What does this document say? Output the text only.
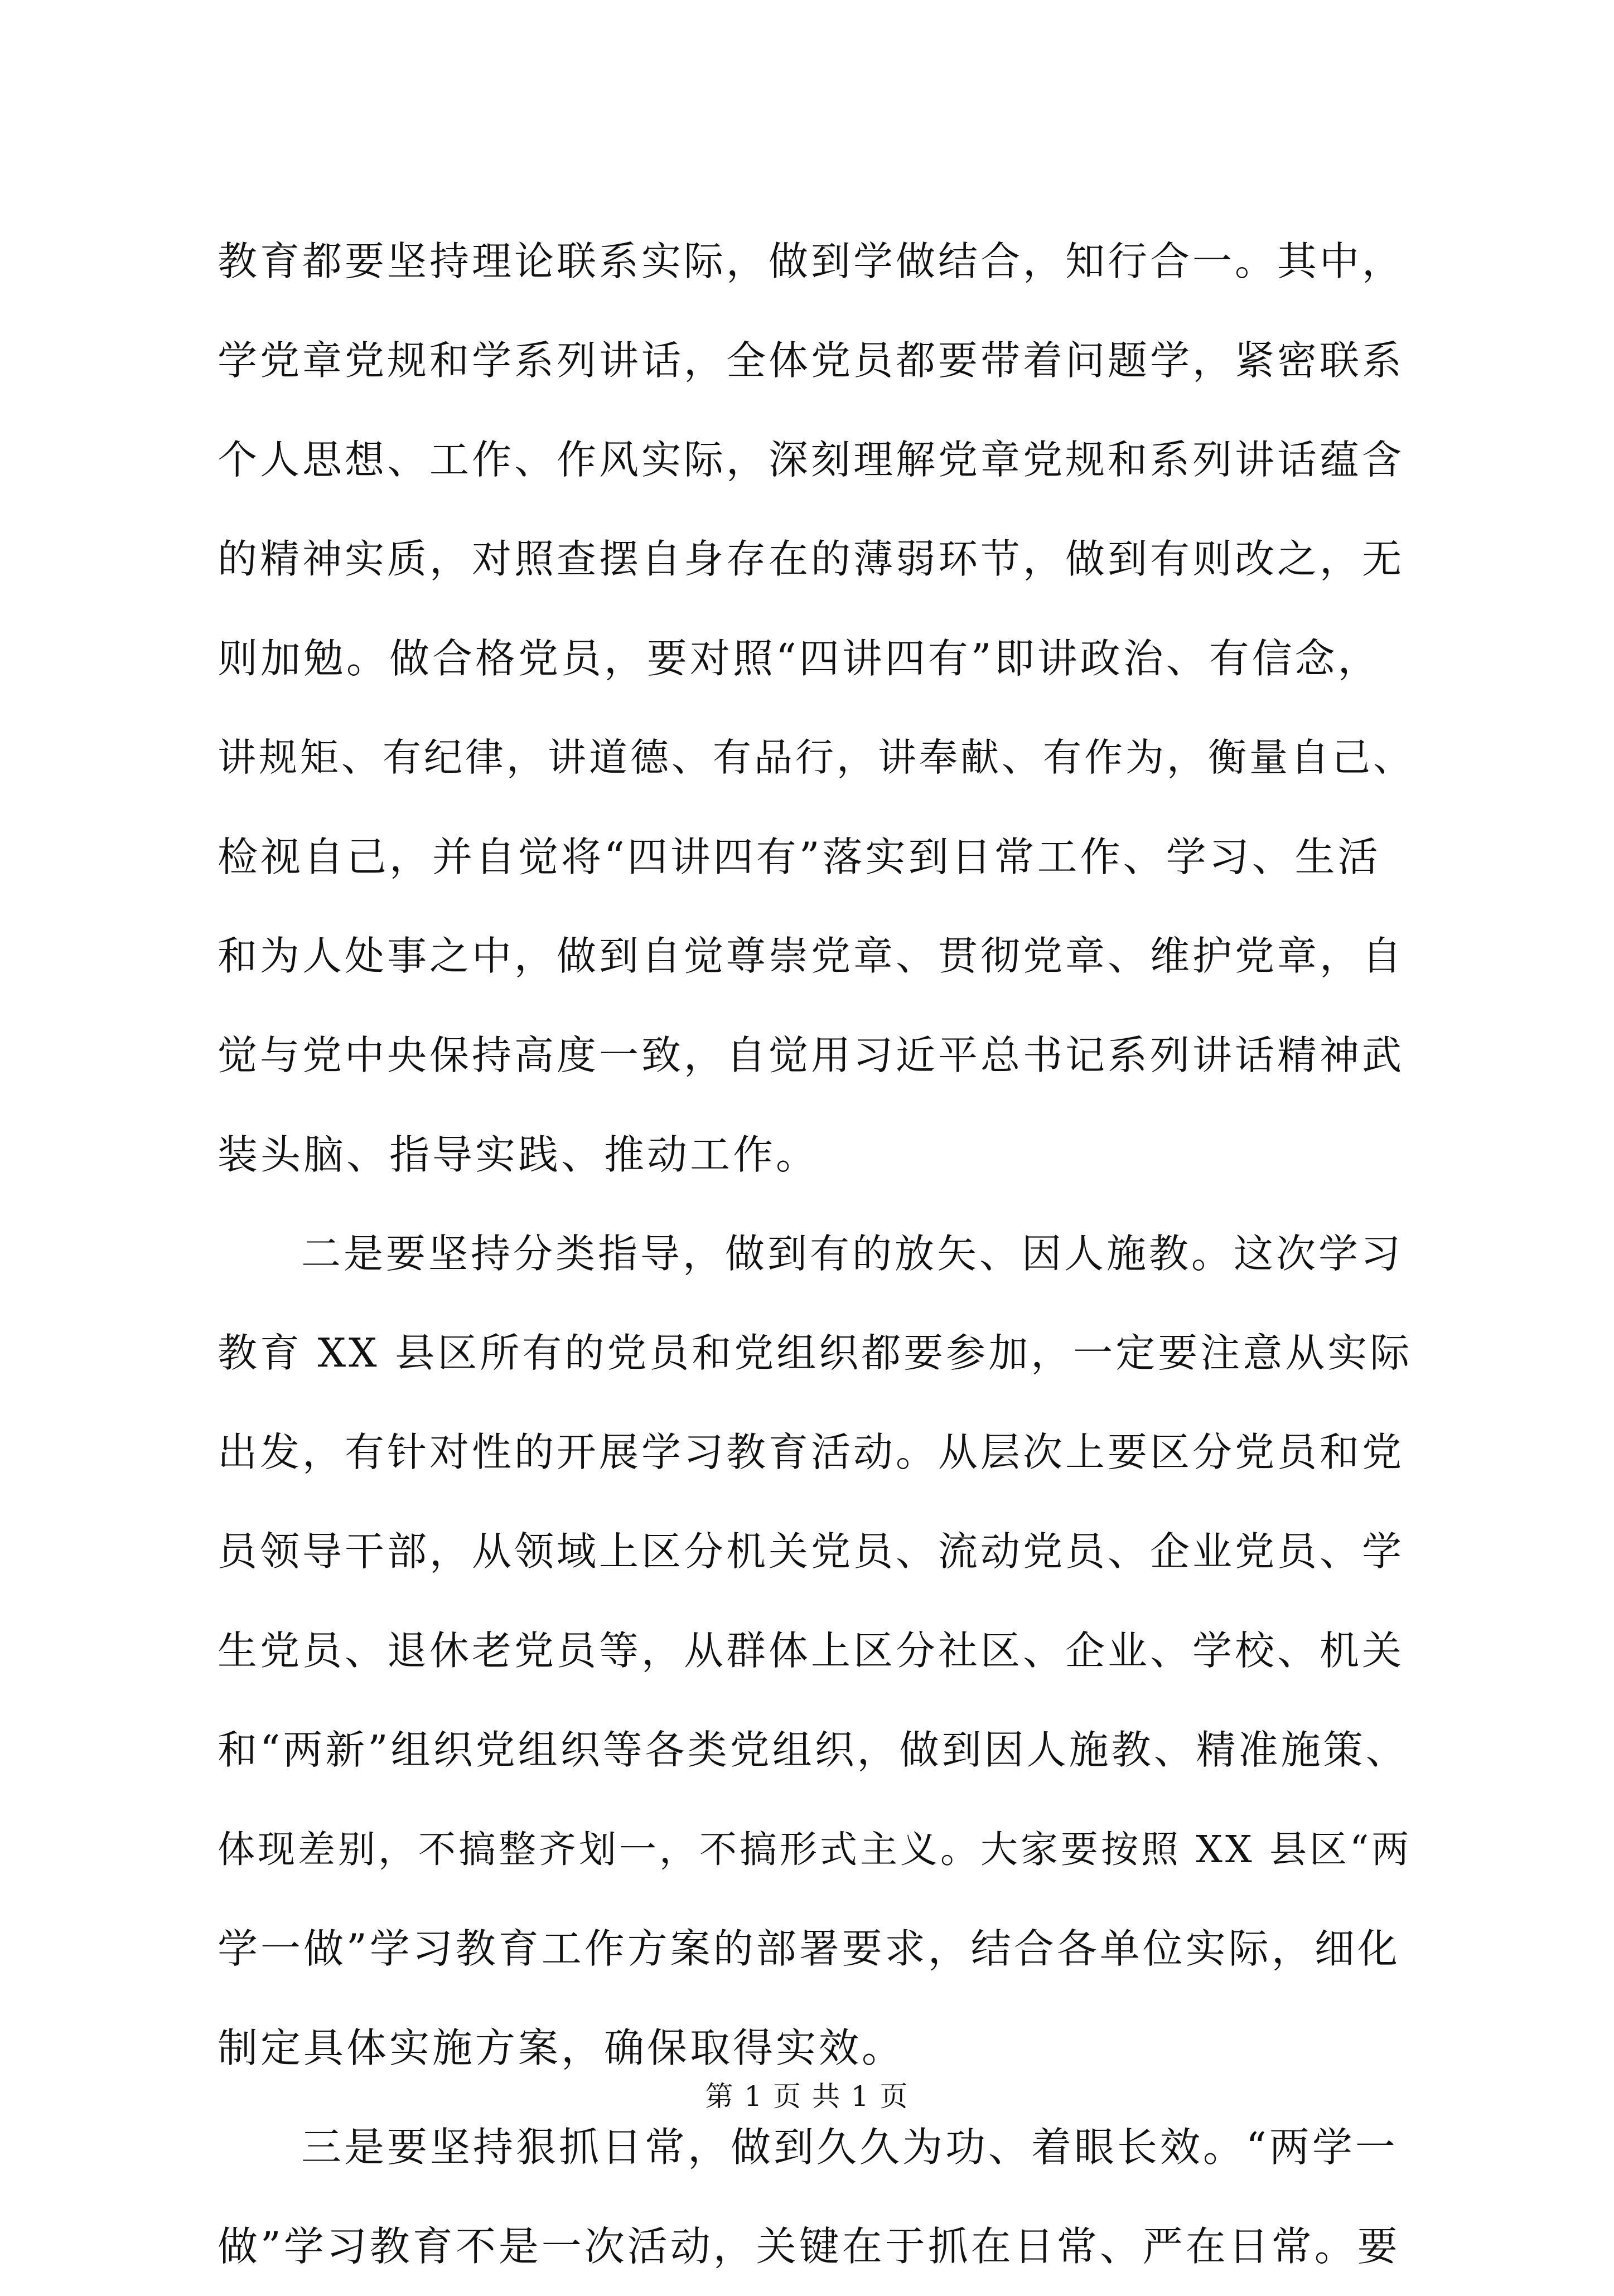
教育都要坚持理论联系实际，做到学做结合，知行合一。其中，
学党章党规和学系列讲话，全体党员都要带着问题学，紧密联系
个人思想、工作、作风实际，深刻理解党章党规和系列讲话蕴含
的精神实质，对照查摆自身存在的薄弱环节，做到有则改之，无
则加勉。做合格党员，要对照“四讲四有”即讲政治、有信念，
讲规矩、有纪律，讲道德、有品行，讲奉献、有作为，衡量自己、
检视自己，并自觉将“四讲四有”落实到日常工作、学习、生活
和为人处事之中，做到自觉尊崇党章、贯彻党章、维护党章，自
觉与党中央保持高度一致，自觉用习近平总书记系列讲话精神武
装头脑、指导实践、推动工作。
二是要坚持分类指导，做到有的放矢、因人施教。这次学习
教育 XX 县区所有的党员和党组织都要参加，一定要注意从实际
出发，有针对性的开展学习教育活动。从层次上要区分党员和党
员领导干部，从领域上区分机关党员、流动党员、企业党员、学
生党员、退休老党员等，从群体上区分社区、企业、学校、机关
和“两新”组织党组织等各类党组织，做到因人施教、精准施策、
体现差别，不搞整齐划一，不搞形式主义。大家要按照 XX 县区“两
学一做”学习教育工作方案的部署要求，结合各单位实际，细化
制定具体实施方案，确保取得实效。
三是要坚持狠抓日常，做到久久为功、着眼长效。“两学一
做”学习教育不是一次活动，关键在于抓在日常、严在日常。要
第 1 页 共 1 页
